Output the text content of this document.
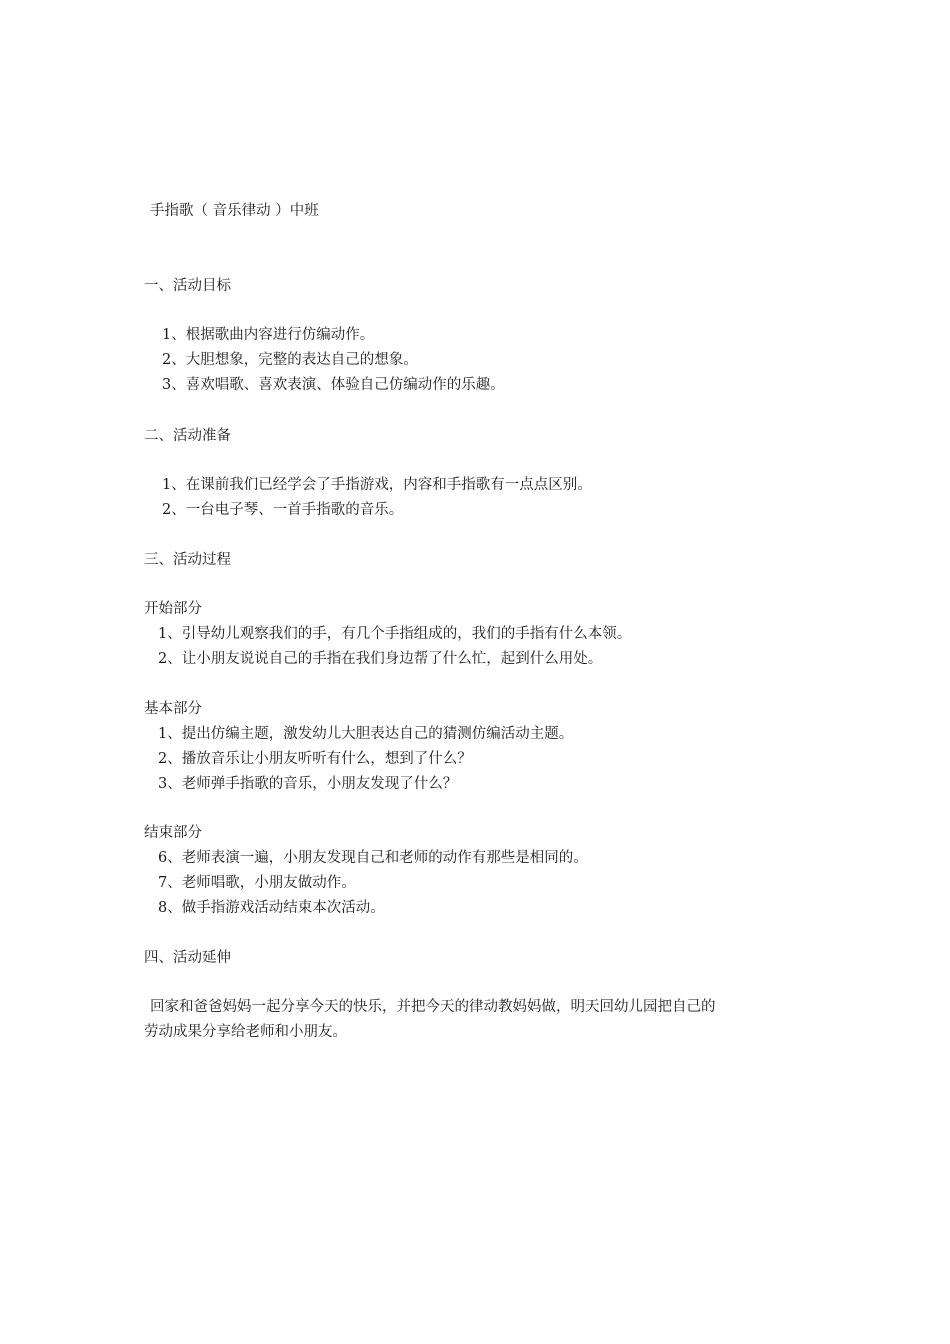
手指歌（ 音乐律动 ）中班
一、活动目标
1、根据歌曲内容进行仿编动作。
2、大胆想象，完整的表达自己的想象。
3、喜欢唱歌、喜欢表演、体验自己仿编动作的乐趣。
二、活动准备
1、在课前我们已经学会了手指游戏，内容和手指歌有一点点区别。
2、一台电子琴、一首手指歌的音乐。
三、活动过程
开始部分
1、引导幼儿观察我们的手，有几个手指组成的，我们的手指有什么本领。
2、让小朋友说说自己的手指在我们身边帮了什么忙，起到什么用处。
基本部分
1、提出仿编主题，激发幼儿大胆表达自己的猜测仿编活动主题。
2、播放音乐让小朋友听听有什么，想到了什么？
3、老师弹手指歌的音乐，小朋友发现了什么？
结束部分
6、老师表演一遍，小朋友发现自己和老师的动作有那些是相同的。
7、老师唱歌，小朋友做动作。
8、做手指游戏活动结束本次活动。
四、活动延伸
回家和爸爸妈妈一起分享今天的快乐，并把今天的律动教妈妈做，明天回幼儿园把自己的
劳动成果分享给老师和小朋友。
